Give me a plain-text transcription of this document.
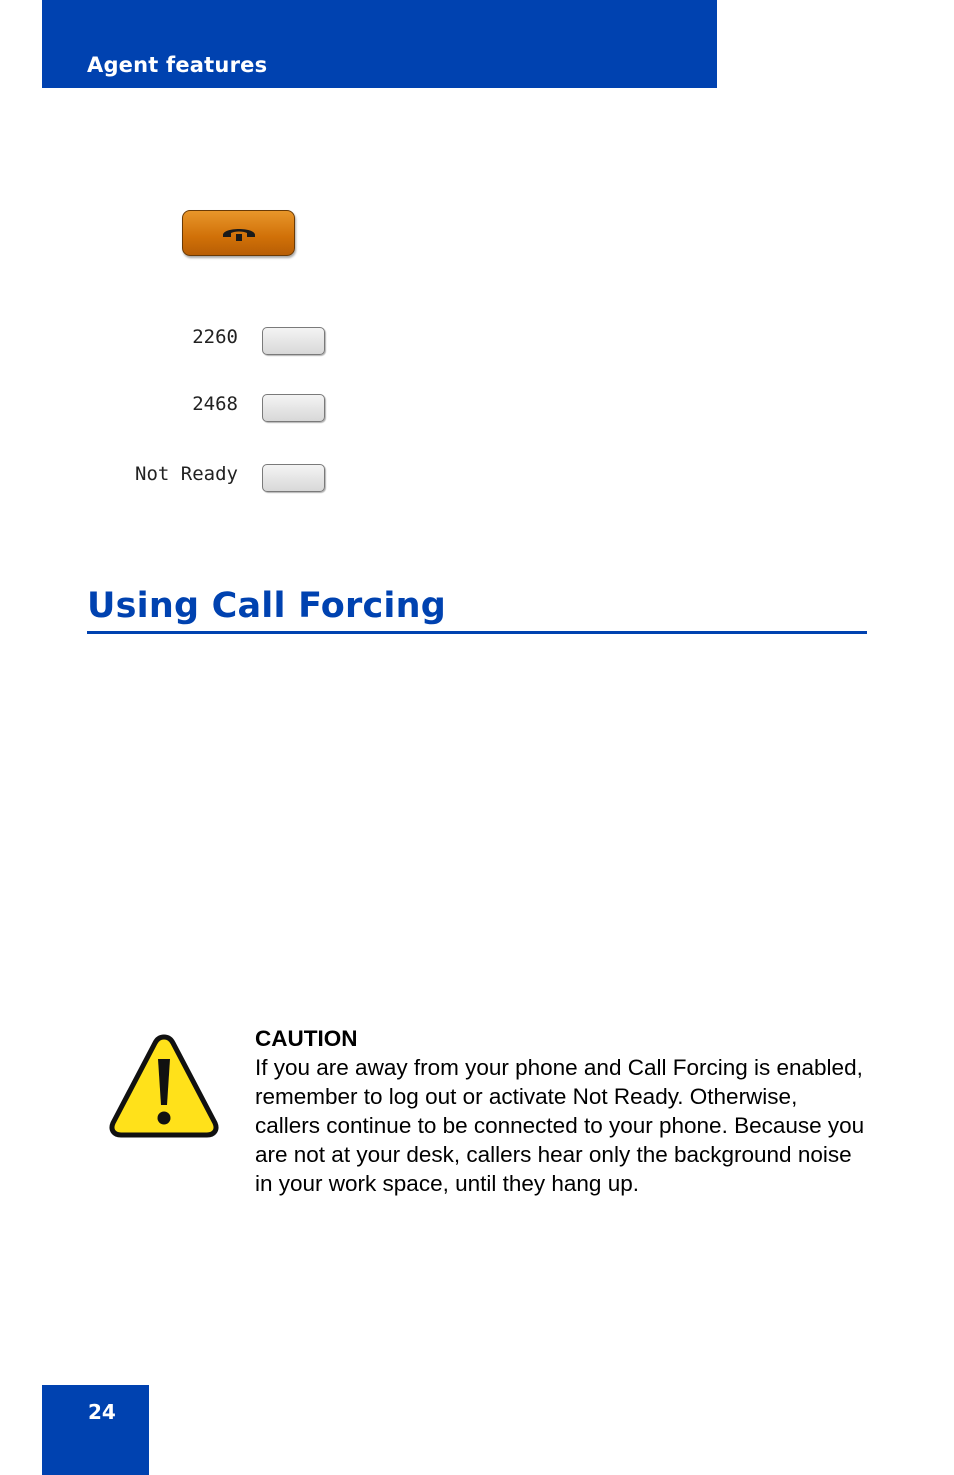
Agent features
2260
2468
Not Ready
Using Call Forcing
CAUTION
If you are away from your phone and Call Forcing is enabled, remember to log out or activate Not Ready. Otherwise, callers continue to be connected to your phone. Because you are not at your desk, callers hear only the background noise in your work space, until they hang up.
24
